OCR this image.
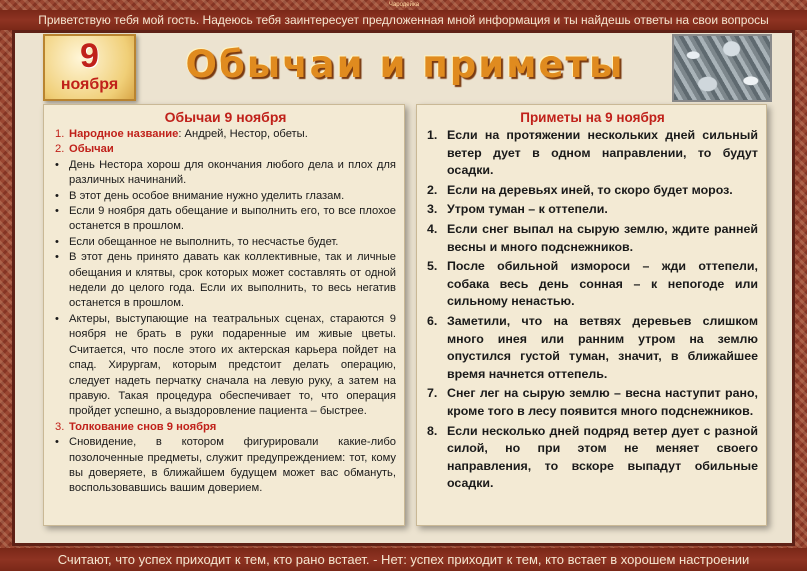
Чародейка
Приветствую тебя мой гость. Надеюсь тебя заинтересует предложенная мной информация и ты найдешь ответы на свои вопросы
9
ноября	Обычаи и приметы
Обычаи 9 ноября
1. Народное название: Андрей, Нестор, обеты.
2. Обычаи
• День Нестора хорош для окончания любого дела и плох для различных начинаний.
• В этот день особое внимание нужно уделить глазам.
• Если 9 ноября дать обещание и выполнить его, то все плохое останется в прошлом.
• Если обещанное не выполнить, то несчастье будет.
• В этот день принято давать как коллективные, так и личные обещания и клятвы, срок которых может составлять от одной недели до целого года. Если их выполнить, то весь негатив останется в прошлом.
• Актеры, выступающие на театральных сценах, стараются 9 ноября не брать в руки подаренные им живые цветы. Считается, что после этого их актерская карьера пойдет на спад. Хирургам, которым предстоит делать операцию, следует надеть перчатку сначала на левую руку, а затем на правую. Такая процедура обеспечивает то, что операция пройдет успешно, а выздоровление пациента – быстрее.
3. Толкование снов 9 ноября
• Сновидение, в котором фигурировали какие-либо позолоченные предметы, служит предупреждением: тот, кому вы доверяете, в ближайшем будущем может вас обмануть, воспользовавшись вашим доверием.
Приметы на 9 ноября
1. Если на протяжении нескольких дней сильный ветер дует в одном направлении, то будут осадки.
2. Если на деревьях иней, то скоро будет мороз.
3. Утром туман – к оттепели.
4. Если снег выпал на сырую землю, ждите ранней весны и много подснежников.
5. После обильной измороси – жди оттепели, собака весь день сонная – к непогоде или сильному ненастью.
6. Заметили, что на ветвях деревьев слишком много инея или ранним утром на землю опустился густой туман, значит, в ближайшее время начнется оттепель.
7. Снег лег на сырую землю – весна наступит рано, кроме того в лесу появится много подснежников.
8. Если несколько дней подряд ветер дует с разной силой, но при этом не меняет своего направления, то вскоре выпадут обильные осадки.
Считают, что успех приходит к тем, кто рано встает. - Нет: успех приходит к тем, кто встает в хорошем настроении
